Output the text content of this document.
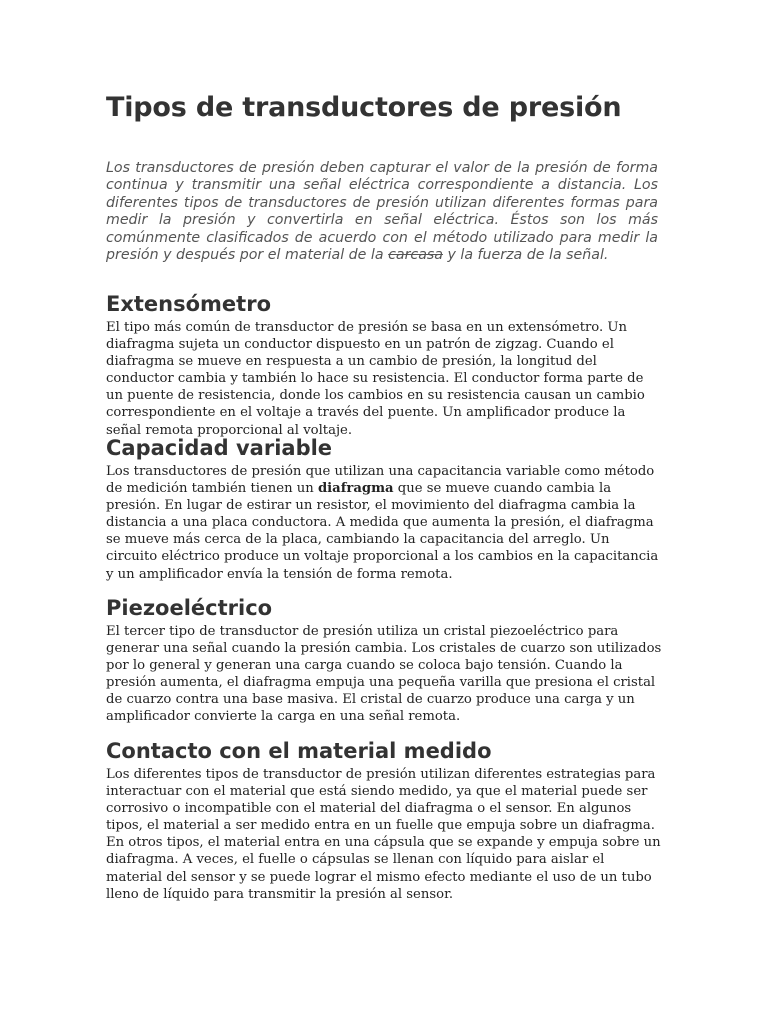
Tipos de transductores de presión

Los transductores de presión deben capturar el valor de la presión de forma continua y transmitir una señal eléctrica correspondiente a distancia. Los diferentes tipos de transductores de presión utilizan diferentes formas para medir la presión y convertirla en señal eléctrica. Éstos son los más comúnmente clasificados de acuerdo con el método utilizado para medir la presión y después por el material de la carcasa y la fuerza de la señal.

Extensómetro

El tipo más común de transductor de presión se basa en un extensómetro. Un diafragma sujeta un conductor dispuesto en un patrón de zigzag. Cuando el diafragma se mueve en respuesta a un cambio de presión, la longitud del conductor cambia y también lo hace su resistencia. El conductor forma parte de un puente de resistencia, donde los cambios en su resistencia causan un cambio correspondiente en el voltaje a través del puente. Un amplificador produce la señal remota proporcional al voltaje.

Capacidad variable

Los transductores de presión que utilizan una capacitancia variable como método de medición también tienen un diafragma que se mueve cuando cambia la presión. En lugar de estirar un resistor, el movimiento del diafragma cambia la distancia a una placa conductora. A medida que aumenta la presión, el diafragma se mueve más cerca de la placa, cambiando la capacitancia del arreglo. Un circuito eléctrico produce un voltaje proporcional a los cambios en la capacitancia y un amplificador envía la tensión de forma remota.

Piezoeléctrico

El tercer tipo de transductor de presión utiliza un cristal piezoeléctrico para generar una señal cuando la presión cambia. Los cristales de cuarzo son utilizados por lo general y generan una carga cuando se coloca bajo tensión. Cuando la presión aumenta, el diafragma empuja una pequeña varilla que presiona el cristal de cuarzo contra una base masiva. El cristal de cuarzo produce una carga y un amplificador convierte la carga en una señal remota.

Contacto con el material medido

Los diferentes tipos de transductor de presión utilizan diferentes estrategias para interactuar con el material que está siendo medido, ya que el material puede ser corrosivo o incompatible con el material del diafragma o el sensor. En algunos tipos, el material a ser medido entra en un fuelle que empuja sobre un diafragma. En otros tipos, el material entra en una cápsula que se expande y empuja sobre un diafragma. A veces, el fuelle o cápsulas se llenan con líquido para aislar el material del sensor y se puede lograr el mismo efecto mediante el uso de un tubo lleno de líquido para transmitir la presión al sensor.
